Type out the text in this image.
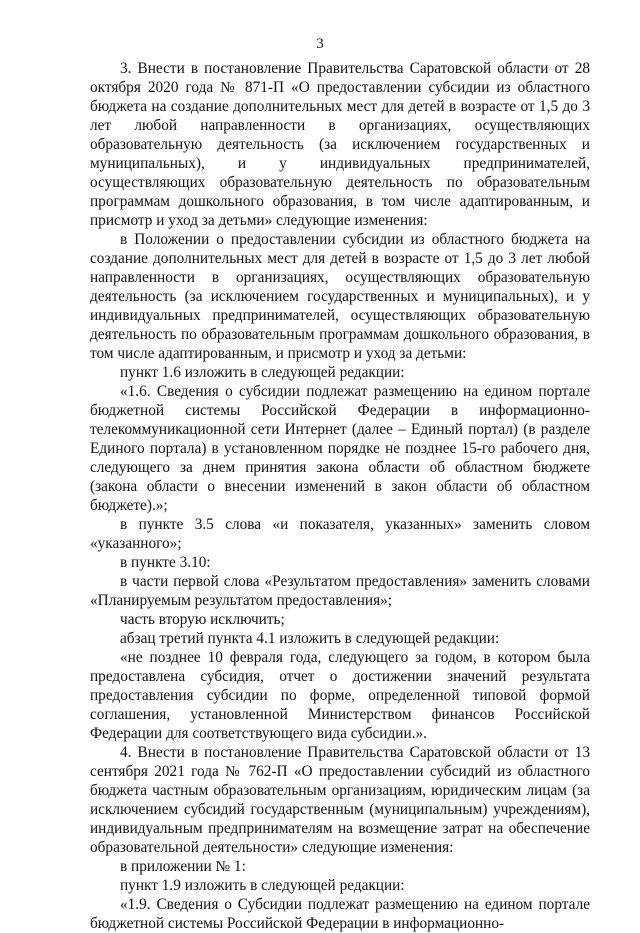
3

3. Внести в постановление Правительства Саратовской области от 28 октября 2020 года № 871-П «О предоставлении субсидии из областного бюджета на создание дополнительных мест для детей в возрасте от 1,5 до 3 лет любой направленности в организациях, осуществляющих образовательную деятельность (за исключением государственных и муниципальных), и у индивидуальных предпринимателей, осуществляющих образовательную деятельность по образовательным программам дошкольного образования, в том числе адаптированным, и присмотр и уход за детьми» следующие изменения:

в Положении о предоставлении субсидии из областного бюджета на создание дополнительных мест для детей в возрасте от 1,5 до 3 лет любой направленности в организациях, осуществляющих образовательную деятельность (за исключением государственных и муниципальных), и у индивидуальных предпринимателей, осуществляющих образовательную деятельность по образовательным программам дошкольного образования, в том числе адаптированным, и присмотр и уход за детьми:

пункт 1.6 изложить в следующей редакции:

«1.6. Сведения о субсидии подлежат размещению на едином портале бюджетной системы Российской Федерации в информационно-телекоммуникационной сети Интернет (далее – Единый портал) (в разделе Единого портала) в установленном порядке не позднее 15-го рабочего дня, следующего за днем принятия закона области об областном бюджете (закона области о внесении изменений в закон области об областном бюджете).»;

в пункте 3.5 слова «и показателя, указанных» заменить словом «указанного»;

в пункте 3.10:

в части первой слова «Результатом предоставления» заменить словами «Планируемым результатом предоставления»;

часть вторую исключить;

абзац третий пункта 4.1 изложить в следующей редакции:

«не позднее 10 февраля года, следующего за годом, в котором была предоставлена субсидия, отчет о достижении значений результата предоставления субсидии по форме, определенной типовой формой соглашения, установленной Министерством финансов Российской Федерации для соответствующего вида субсидии.».

4. Внести в постановление Правительства Саратовской области от 13 сентября 2021 года № 762-П «О предоставлении субсидий из областного бюджета частным образовательным организациям, юридическим лицам (за исключением субсидий государственным (муниципальным) учреждениям), индивидуальным предпринимателям на возмещение затрат на обеспечение образовательной деятельности» следующие изменения:

в приложении № 1:

пункт 1.9 изложить в следующей редакции:

«1.9. Сведения о Субсидии подлежат размещению на едином портале бюджетной системы Российской Федерации в информационно-
